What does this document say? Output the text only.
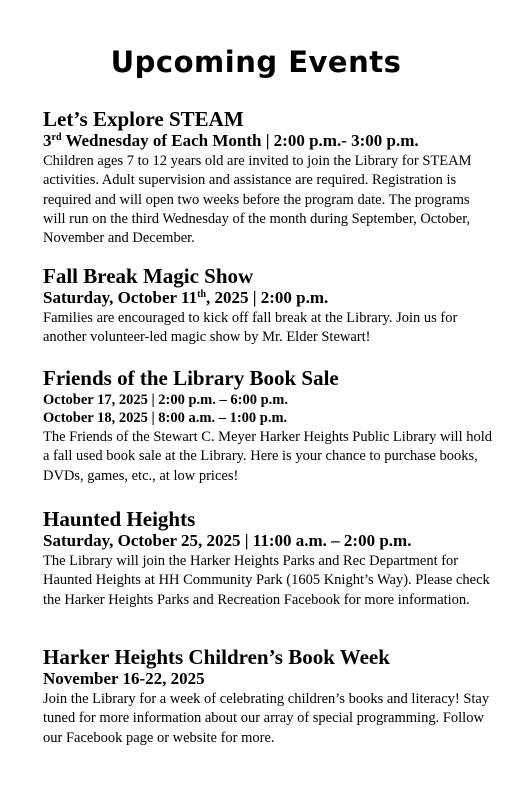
Upcoming Events
Let’s Explore STEAM
3rd Wednesday of Each Month | 2:00 p.m.- 3:00 p.m.
Children ages 7 to 12 years old are invited to join the Library for STEAM activities. Adult supervision and assistance are required. Registration is required and will open two weeks before the program date. The programs will run on the third Wednesday of the month during September, October, November and December.
Fall Break Magic Show
Saturday, October 11th, 2025 | 2:00 p.m.
Families are encouraged to kick off fall break at the Library. Join us for another volunteer-led magic show by Mr. Elder Stewart!
Friends of the Library Book Sale
October 17, 2025 | 2:00 p.m. – 6:00 p.m.
October 18, 2025 | 8:00 a.m. – 1:00 p.m.
The Friends of the Stewart C. Meyer Harker Heights Public Library will hold a fall used book sale at the Library. Here is your chance to purchase books, DVDs, games, etc., at low prices!
Haunted Heights
Saturday, October 25, 2025 | 11:00 a.m. – 2:00 p.m.
The Library will join the Harker Heights Parks and Rec Department for Haunted Heights at HH Community Park (1605 Knight’s Way). Please check the Harker Heights Parks and Recreation Facebook for more information.
Harker Heights Children’s Book Week
November 16-22, 2025
Join the Library for a week of celebrating children’s books and literacy! Stay tuned for more information about our array of special programming. Follow our Facebook page or website for more.
